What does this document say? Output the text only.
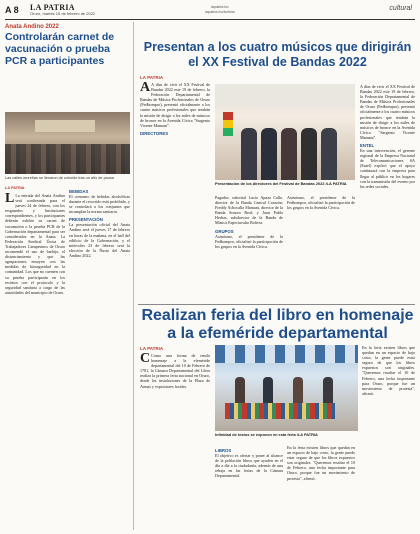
A 8 LA PATRIA
Oruro, martes 15 de febrero de 2022
lapatria.bo
lapatria.bo/bolivia	cultural
Anata Andino 2022
Controlarán carnet de vacunación o prueba PCR a participantes
Las calles orureñas se llenaron de colorido tras un año de pausa
LA PATRIA
L La entrada del Anata Andino será confirmada para el jueves 24 de febrero, con los resguardos y limitaciones correspondientes, y los participantes deberán exhibir su carnet de vacunación o la prueba PCR de la Gobernación departamental para ser considerados en la Anata. La Federación Sindical Única de Trabajadores Campesinos de Oruro recomendó el uso de barbijo, el distanciamiento y que las agrupaciones ensayen con las medidas de bioseguridad en la comunidad. Los que no cuenten con su prueba participarán en los recintos con el protocolo y la seguridad sanitaria a cargo de las autoridades del municipio de Oruro.
BEBIDAS
El consumo de bebidas alcohólicas durante el recorrido está prohibido, y se controlará a los conjuntos que incumplan la norma sanitaria.
PRESENTACIÓN
La presentación oficial del Anata Andino será el jueves 17 de febrero en horas de la mañana, en el hall del edificio de la Gobernación, y el miércoles 23 de febrero será la elección de la Ñusta del Anata Andino 2022.
Presentan a los cuatro músicos que dirigirán el XX Festival de Bandas 2022
LA PATRIA
A A días de vivir el XX Festival de Bandas 2022 este 19 de febrero, la Federación Departamental de Bandas de Música Profesionales de Oruro (Fedbompro), presentó oficialmente a los cuatro músicos profesionales que tendrán la misión de dirigir a los miles de músicos de bronce en la Avenida Cívica "Sargento Vicente Mamani".
DIRECTORES
Presentación de los directores del Festival de Bandas 2022 /LA PATRIA
Pagador; subcrital Lucio Apaza Calle, director de la Banda Central Corazón; Freddy Achocalla Mamani, director de la Banda Sonora Real; y Juan Pablo Herbas, subdirector de la Banda de Música Espectacular Bolivia.
GRUPOS
Asimismo, el presidente de la Fedbompro, oficializó la participación de los grupos en la Avenida Cívica.
Asimismo, el presidente de la Fedbompro, oficializó la participación de los grupos en la Avenida Cívica.
A días de vivir el XX Festival de Bandas 2022 este 19 de febrero, la Federación Departamental de Bandas de Música Profesionales de Oruro (Fedbompro), presentó oficialmente a los cuatro músicos profesionales que tendrán la misión de dirigir a los miles de músicos de bronce en la Avenida Cívica "Sargento Vicente Mamani".
ENTEL
En una intervención, el gerente regional de la Empresa Nacional de Telecomunicaciones SA (Entel) explicó que el apoyo continuará con la empresa para llegar al público en los hogares con la transmisión del evento por las redes sociales.
Realizan feria del libro en homenaje a la efeméride departamental
LA PATRIA
C Como una forma de rendir homenaje a la efeméride departamental del 10 de Febrero de 1781, la Cámara Departamental del Libro realiza la primera feria nacional en Oruro, desde las instalaciones de la Plaza de Armas y expositores locales.
Infinidad de textos se exponen en esta feria /LA PATRIA
LIBROS
El objetivo es ofertar y poner al alcance de la población libros que ayuden en el día a día a la ciudadanía, además de una rebaja en las ferias de la Cámara Departamental.
En la feria existen libros que quedan en un espacio de bajo costo, la gente puede estar seguro de que los libros expuestos son originales. "Queremos resaltar el 10 de Febrero, una fecha importante para Oruro, porque fue un movimiento de protesta", afirmó.
En la feria existen libros que quedan en un espacio de bajo costo, la gente puede estar seguro de que los libros expuestos son originales. "Queremos resaltar el 10 de Febrero, una fecha importante para Oruro, porque fue un movimiento de protesta", afirmó.
